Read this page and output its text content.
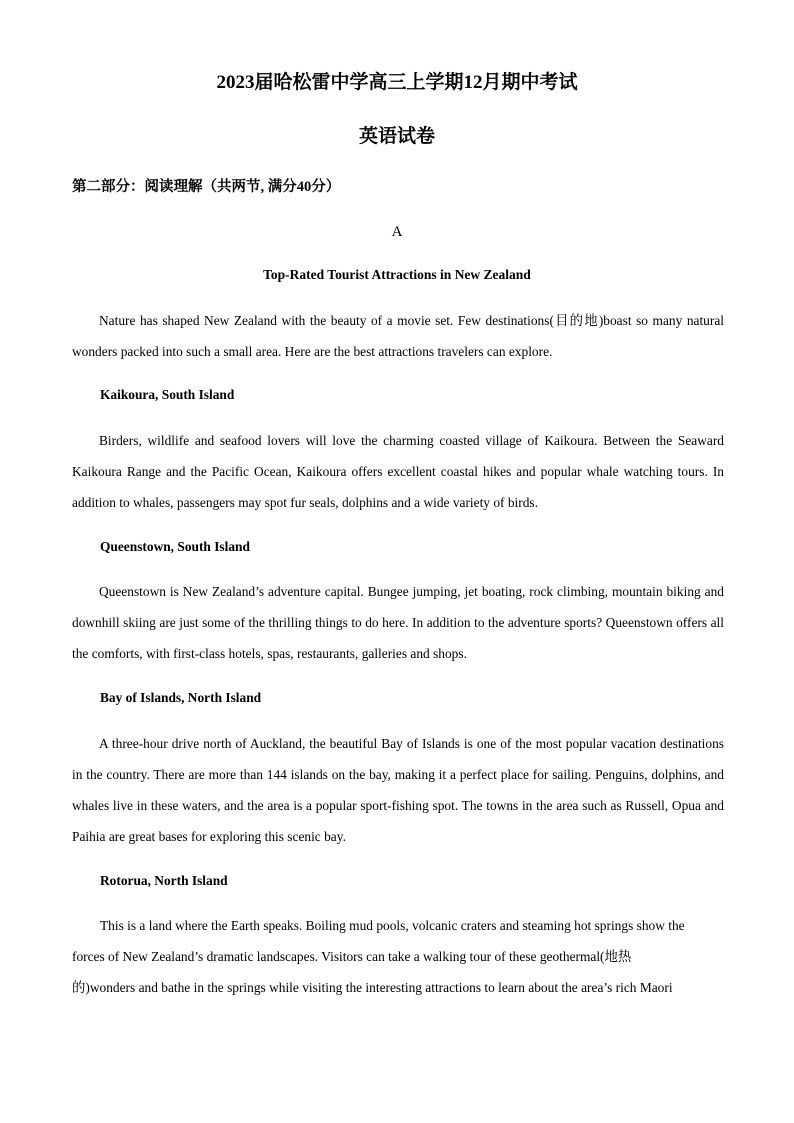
2023届哈松雷中学高三上学期12月期中考试
英语试卷
第二部分：阅读理解（共两节, 满分40分）
A
Top-Rated Tourist Attractions in New Zealand

Nature has shaped New Zealand with the beauty of a movie set. Few destinations(目的地)boast so many natural wonders packed into such a small area. Here are the best attractions travelers can explore.

Kaikoura, South Island

Birders, wildlife and seafood lovers will love the charming coasted village of Kaikoura. Between the Seaward Kaikoura Range and the Pacific Ocean, Kaikoura offers excellent coastal hikes and popular whale watching tours. In addition to whales, passengers may spot fur seals, dolphins and a wide variety of birds.

Queenstown, South Island

Queenstown is New Zealand’s adventure capital. Bungee jumping, jet boating, rock climbing, mountain biking and downhill skiing are just some of the thrilling things to do here. In addition to the adventure sports? Queenstown offers all the comforts, with first-class hotels, spas, restaurants, galleries and shops.

Bay of Islands, North Island

A three-hour drive north of Auckland, the beautiful Bay of Islands is one of the most popular vacation destinations in the country. There are more than 144 islands on the bay, making it a perfect place for sailing. Penguins, dolphins, and whales live in these waters, and the area is a popular sport-fishing spot. The towns in the area such as Russell, Opua and Paihia are great bases for exploring this scenic bay.

Rotorua, North Island
This is a land where the Earth speaks. Boiling mud pools, volcanic craters and steaming hot springs show the
forces of New Zealand’s dramatic landscapes. Visitors can take a walking tour of these geothermal(地热
的)wonders and bathe in the springs while visiting the interesting attractions to learn about the area’s rich Maori
